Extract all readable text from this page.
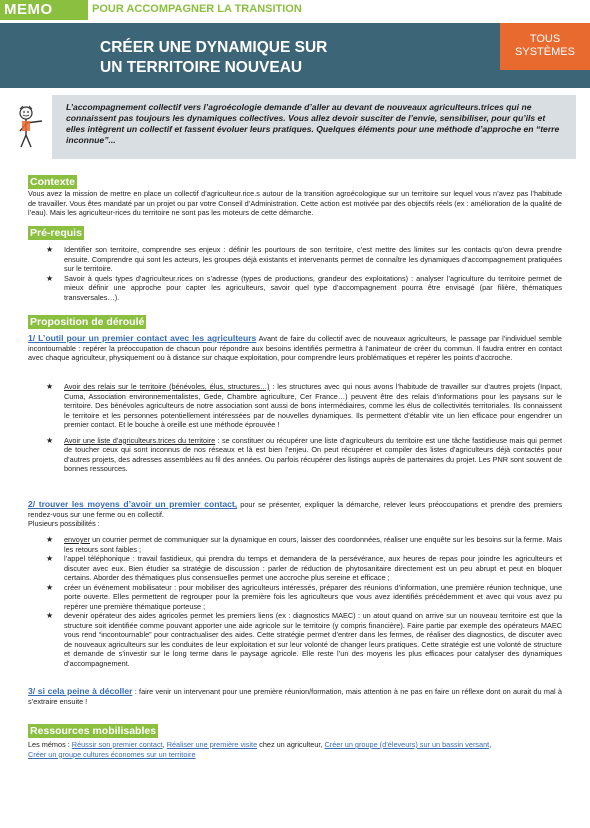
MEMO	POUR ACCOMPAGNER LA TRANSITION
CRÉER UNE DYNAMIQUE SUR
UN TERRITOIRE NOUVEAU
TOUS
SYSTÈMES
L’accompagnement collectif vers l’agroécologie demande d’aller au devant de nouveaux agriculteurs.trices qui ne connaissent pas toujours les dynamiques collectives. Vous allez devoir susciter de l’envie, sensibiliser, pour qu’ils et elles intègrent un collectif et fassent évoluer leurs pratiques. Quelques éléments pour une méthode d’approche en “terre inconnue”...
Contexte
Vous avez la mission de mettre en place un collectif d’agriculteur.rice.s autour de la transition agroécologique sur un territoire sur lequel vous n’avez pas l’habitude de travailler. Vous êtes mandaté par un projet ou par votre Conseil d’Administration. Cette action est motivée par des objectifs réels (ex : amélioration de la qualité de l’eau). Mais les agriculteur-rices du territoire ne sont pas les moteurs de cette démarche.
Pré-requis
★ Identifier son territoire, comprendre ses enjeux : définir les pourtours de son territoire, c’est mettre des limites sur les contacts qu’on devra prendre ensuite. Comprendre qui sont les acteurs, les groupes déjà existants et intervenants permet de connaître les dynamiques d’accompagnement pratiquées sur le territoire.
★ Savoir à quels types d’agriculteur.rices on s’adresse (types de productions, grandeur des exploitations) : analyser l’agriculture du territoire permet de mieux définir une approche pour capter les agriculteurs, savoir quel type d’accompagnement pourra être envisagé (par filière, thématiques transversales…).
Proposition de déroulé
1/ L’outil pour un premier contact avec les agriculteurs Avant de faire du collectif avec de nouveaux agriculteurs, le passage par l’individuel semble incontournable : repérer la préoccupation de chacun pour répondre aux besoins identifiés permettra à l’animateur de créer du commun. Il faudra entrer en contact avec chaque agriculteur, physiquement ou à distance sur chaque exploitation, pour comprendre leurs problématiques et repérer les points d’accroche.
★ Avoir des relais sur le territoire (bénévoles, élus, structures…) : les structures avec qui nous avons l’habitude de travailler sur d’autres projets (Inpact, Cuma, Association environnementalistes, Gede, Chambre agriculture, Cer France…) peuvent être des relais d’informations pour les paysans sur le territoire. Des bénévoles agriculteurs de notre association sont aussi de bons intermédiaires, comme les élus de collectivités territoriales. Ils connaissent le territoire et les personnes potentiellement intéressées par de nouvelles dynamiques. Ils permettent d’établir vite un lien efficace pour engendrer un premier contact. Et le bouche à oreille est une méthode éprouvée !
★ Avoir une liste d’agriculteurs.trices du territoire : se constituer ou récupérer une liste d’agriculteurs du territoire est une tâche fastidieuse mais qui permet de toucher ceux qui sont inconnus de nos réseaux et là est bien l’enjeu. On peut récupérer et compiler des listes d’agriculteurs déjà contactés pour d’autres projets, des adresses assemblées au fil des années. Ou parfois récupérer des listings auprès de partenaires du projet. Les PNR sont souvent de bonnes ressources.
2/ trouver les moyens d’avoir un premier contact, pour se présenter, expliquer la démarche, relever leurs préoccupations et prendre des premiers rendez-vous sur une ferme ou en collectif.
Plusieurs possibilités :
★ envoyer un courrier permet de communiquer sur la dynamique en cours, laisser des coordonnées, réaliser une enquête sur les besoins sur la ferme. Mais les retours sont faibles ;
★ l’appel téléphonique : travail fastidieux, qui prendra du temps et demandera de la persévérance, aux heures de repas pour joindre les agriculteurs et discuter avec eux. Bien étudier sa stratégie de discussion : parler de réduction de phytosanitaire directement est un peu abrupt et peut en bloquer certains. Aborder des thématiques plus consensuelles permet une accroche plus sereine et efficace ;
★ créer un événement mobilisateur : pour mobiliser des agriculteurs intéressés, préparer des réunions d’information, une première réunion technique, une porte ouverte. Elles permettent de regrouper pour la première fois les agriculteurs que vous avez identifiés précédemment et avec qui vous avez pu repérer une première thématique porteuse ;
★ devenir opérateur des aides agricoles permet les premiers liens (ex : diagnostics MAEC) : un atout quand on arrive sur un nouveau territoire est que la structure soit identifiée comme pouvant apporter une aide agricole sur le territoire (y compris financière). Faire partie par exemple des opérateurs MAEC vous rend “incontournable” pour contractualiser des aides. Cette stratégie permet d’entrer dans les fermes, de réaliser des diagnostics, de discuter avec de nouveaux agriculteurs sur les conduites de leur exploitation et sur leur volonté de changer leurs pratiques. Cette stratégie est une volonté de structure et demande de s’investir sur le long terme dans le paysage agricole. Elle reste l’un des moyens les plus efficaces pour catalyser des dynamiques d’accompagnement.
3/ si cela peine à décoller : faire venir un intervenant pour une première réunion/formation, mais attention à ne pas en faire un réflexe dont on aurait du mal à s’extraire ensuite !
Ressources mobilisables
Les mémos : Réussir son premier contact, Réaliser une première visite chez un agriculteur, Créer un groupe (d’éleveurs) sur un bassin versant,
Créer un groupe cultures économes sur un territoire
